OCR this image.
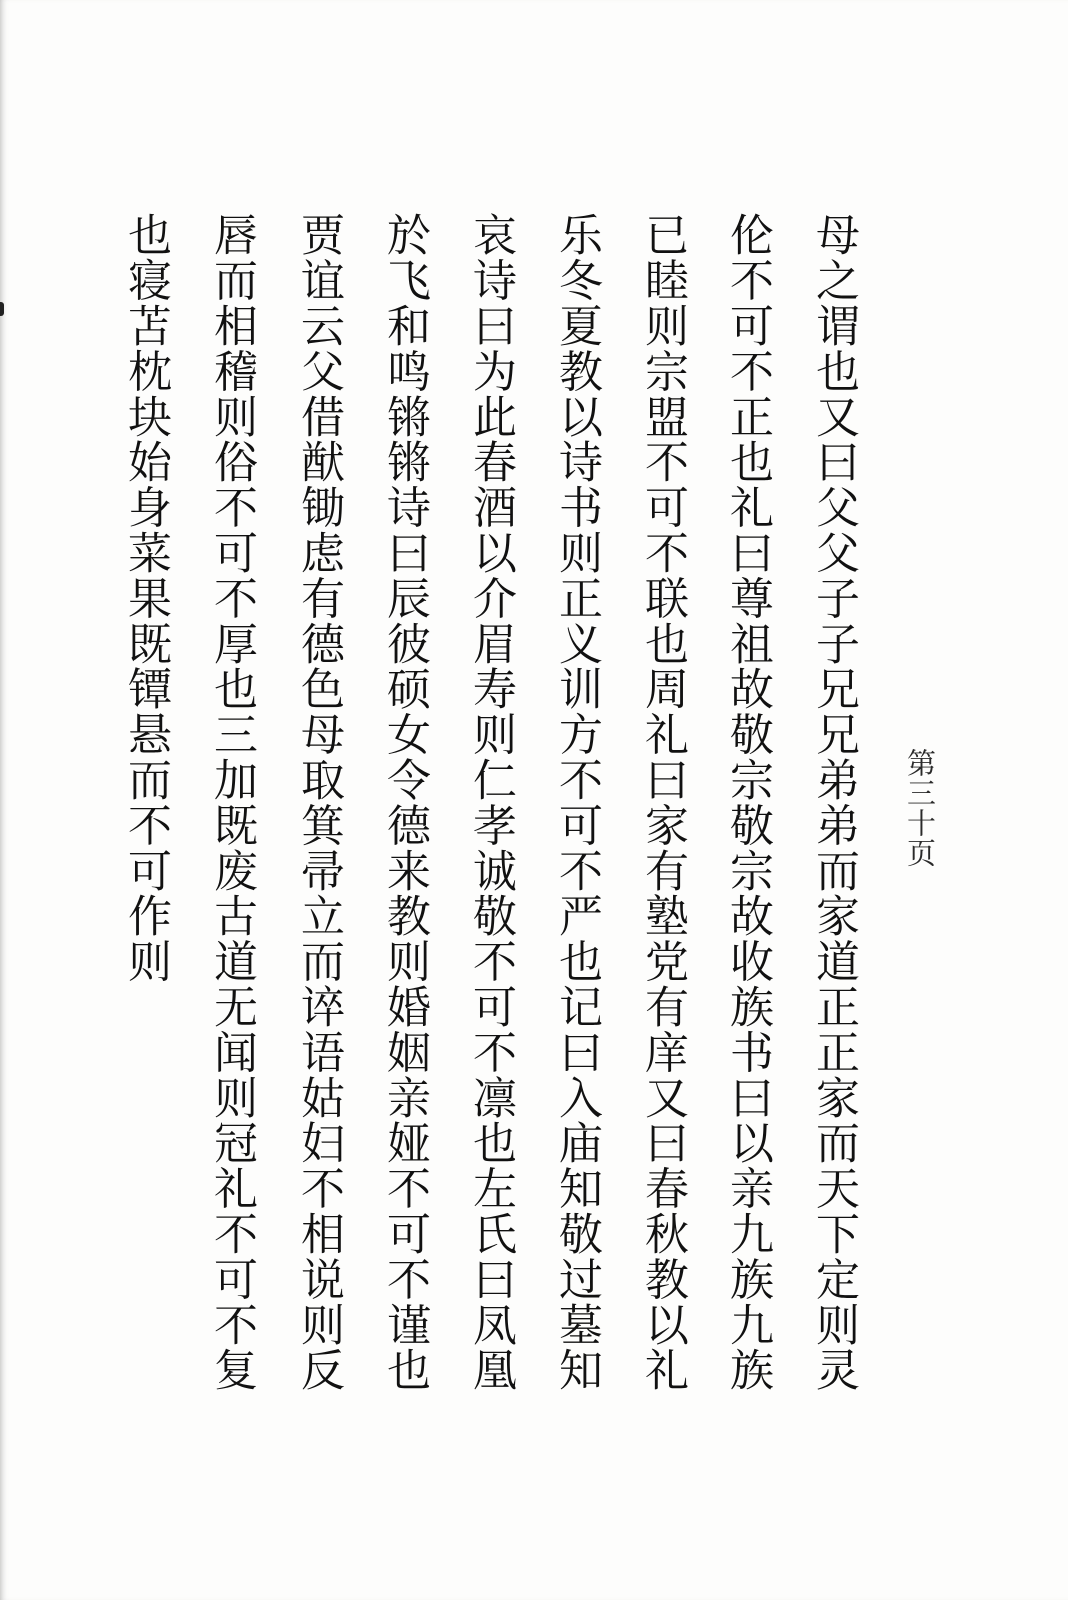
第三十页
母之谓也又曰父父子子兄兄弟弟而家道正正家而天下定则灵
伦不可不正也礼曰尊祖故敬宗敬宗故收族书曰以亲九族九族
已睦则宗盟不可不联也周礼曰家有塾党有庠又曰春秋教以礼
乐冬夏教以诗书则正义训方不可不严也记曰入庙知敬过墓知
哀诗曰为此春酒以介眉寿则仁孝诚敬不可不凛也左氏曰凤凰
於飞和鸣锵锵诗曰辰彼硕女令德来教则婚姻亲娅不可不谨也
贾谊云父借猷锄虑有德色母取箕帚立而谇语姑妇不相说则反
唇而相稽则俗不可不厚也三加既废古道无闻则冠礼不可不复
也寝苫枕块始身菜果既镡悬而不可作则
